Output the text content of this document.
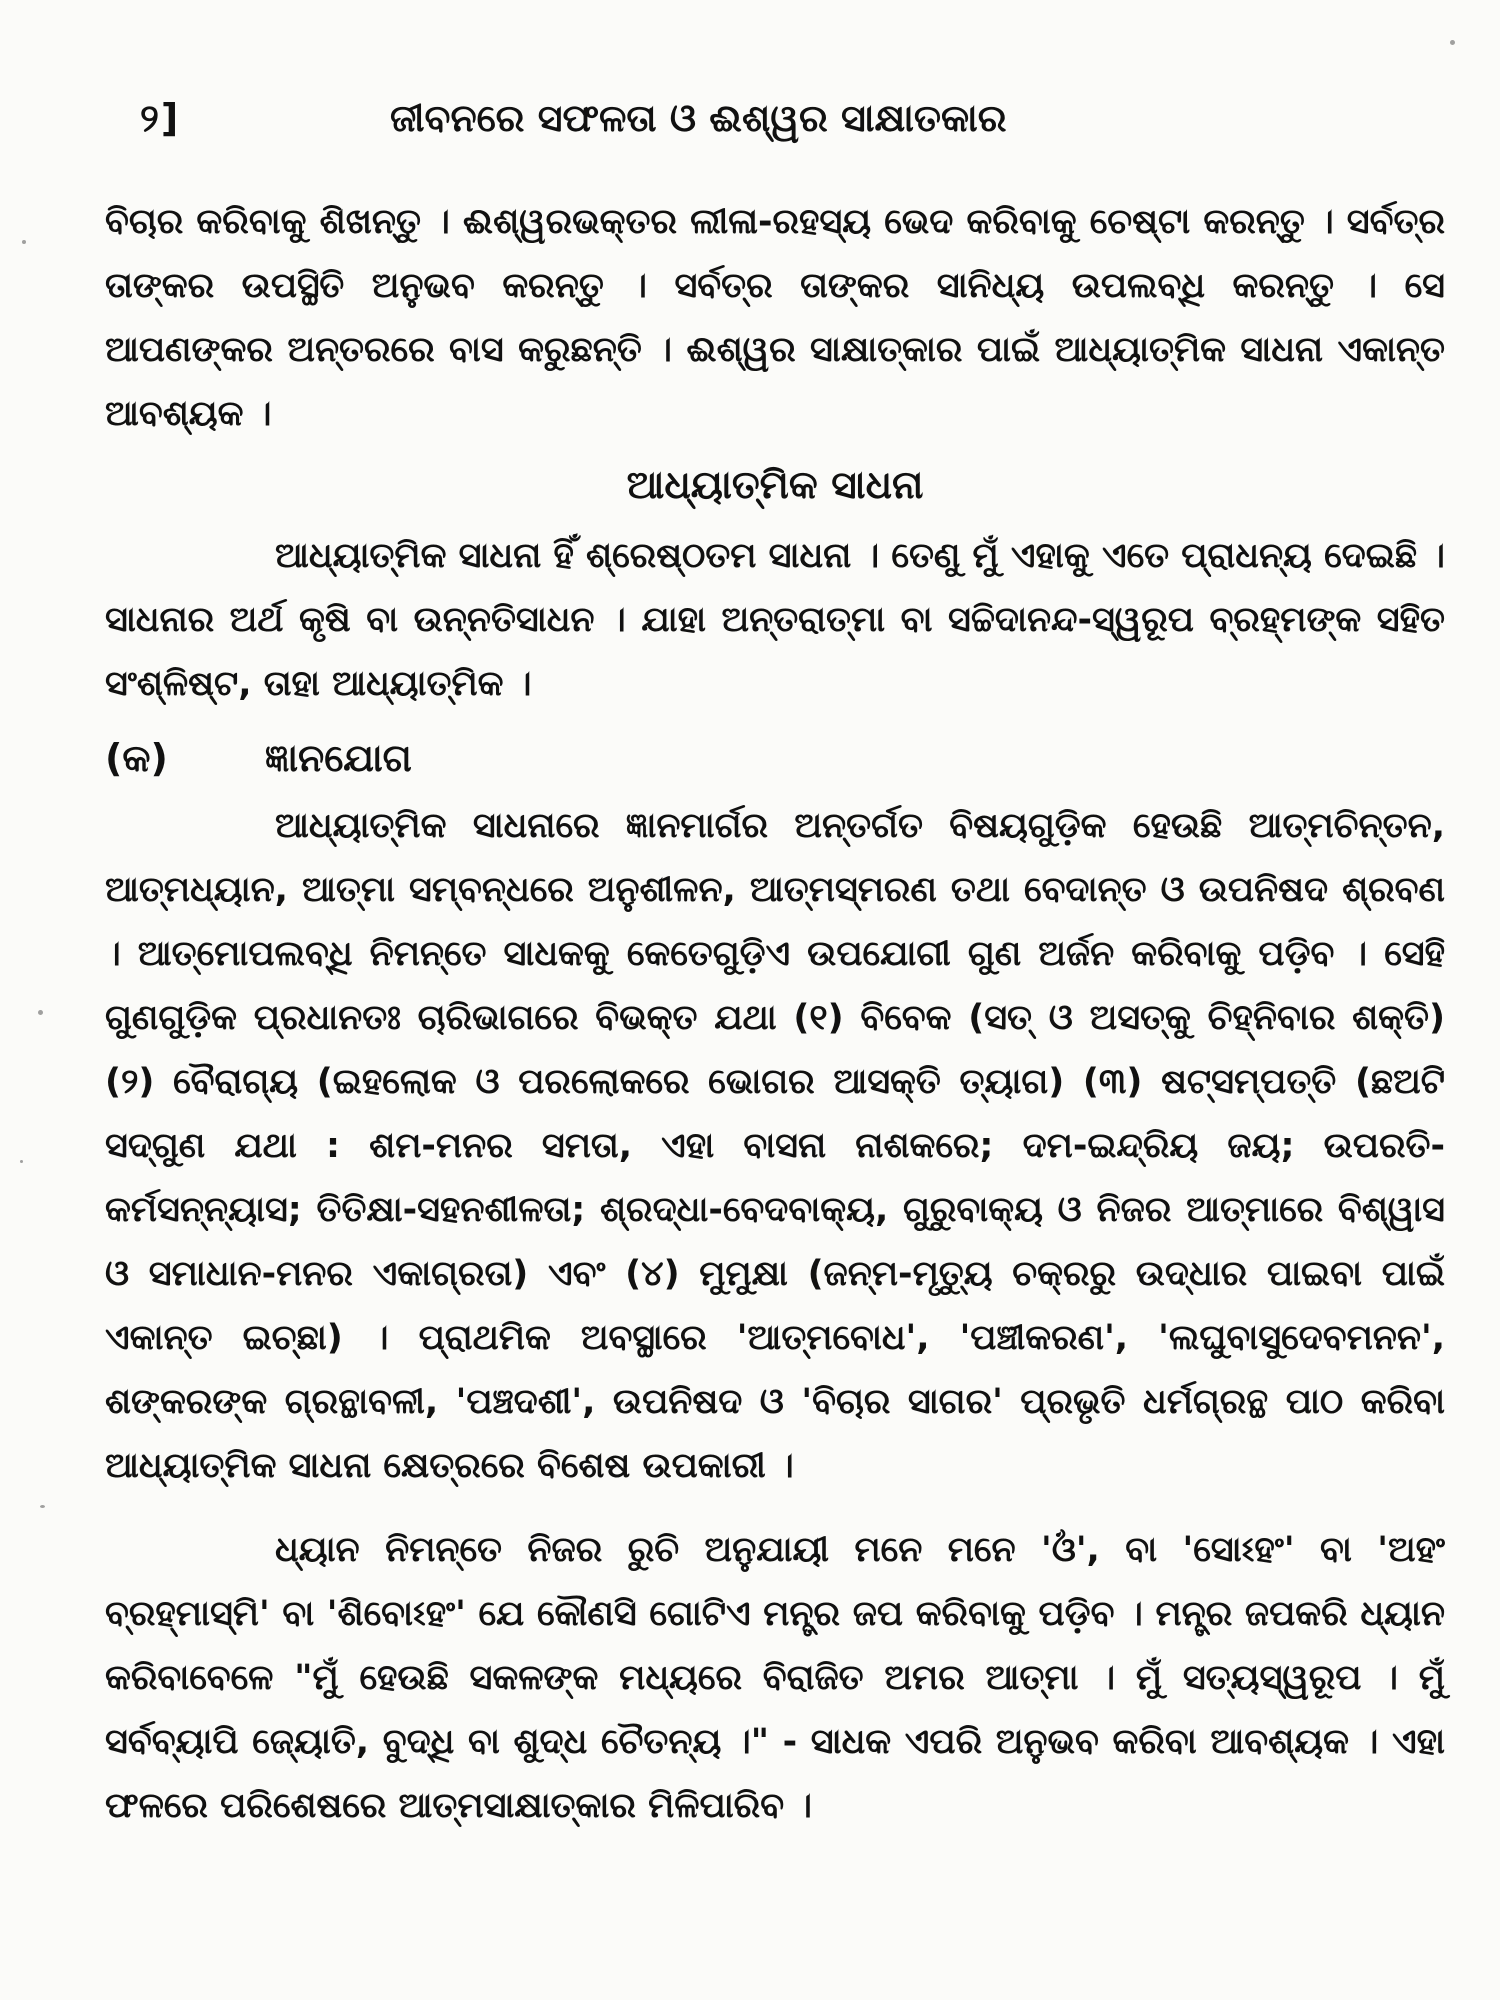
୨]	ଜୀବନରେ ସଫଳତା ଓ ଈଶ୍ୱର ସାକ୍ଷାତକାର

ବିଚାର କରିବାକୁ ଶିଖନ୍ତୁ । ଈଶ୍ୱରଭକ୍ତର ଲୀଳା-ରହସ୍ୟ ଭେଦ କରିବାକୁ ଚେଷ୍ଟା କରନ୍ତୁ । ସର୍ବତ୍ର ତାଙ୍କର ଉପସ୍ଥିତି ଅନୁଭବ କରନ୍ତୁ । ସର୍ବତ୍ର ତାଙ୍କର ସାନିଧ୍ୟ ଉପଲବ୍ଧି କରନ୍ତୁ । ସେ ଆପଣଙ୍କର ଅନ୍ତରରେ ବାସ କରୁଛନ୍ତି । ଈଶ୍ୱର ସାକ୍ଷାତ୍କାର ପାଇଁ ଆଧ୍ୟାତ୍ମିକ ସାଧନା ଏକାନ୍ତ ଆବଶ୍ୟକ ।

ଆଧ୍ୟାତ୍ମିକ ସାଧନା

ଆଧ୍ୟାତ୍ମିକ ସାଧନା ହିଁ ଶ୍ରେଷ୍ଠତମ ସାଧନା । ତେଣୁ ମୁଁ ଏହାକୁ ଏତେ ପ୍ରାଧନ୍ୟ ଦେଇଛି । ସାଧନାର ଅର୍ଥ କୃଷି ବା ଉନ୍ନତିସାଧନ । ଯାହା ଅନ୍ତରାତ୍ମା ବା ସଚ୍ଚିଦାନନ୍ଦ-ସ୍ୱରୂପ ବ୍ରହ୍ମଙ୍କ ସହିତ ସଂଶ୍ଳିଷ୍ଟ, ତାହା ଆଧ୍ୟାତ୍ମିକ ।

(କ)	ଜ୍ଞାନଯୋଗ

ଆଧ୍ୟାତ୍ମିକ ସାଧନାରେ ଜ୍ଞାନମାର୍ଗର ଅନ୍ତର୍ଗତ ବିଷୟଗୁଡ଼ିକ ହେଉଛି ଆତ୍ମଚିନ୍ତନ, ଆତ୍ମଧ୍ୟାନ, ଆତ୍ମା ସମ୍ବନ୍ଧରେ ଅନୁଶୀଳନ, ଆତ୍ମସ୍ମରଣ ତଥା ବେଦାନ୍ତ ଓ ଉପନିଷଦ ଶ୍ରବଣ । ଆତ୍ମୋପଲବ୍ଧି ନିମନ୍ତେ ସାଧକକୁ କେତେଗୁଡ଼ିଏ ଉପଯୋଗୀ ଗୁଣ ଅର୍ଜନ କରିବାକୁ ପଡ଼ିବ । ସେହି ଗୁଣଗୁଡ଼ିକ ପ୍ରଧାନତଃ ଚାରିଭାଗରେ ବିଭକ୍ତ ଯଥା (୧) ବିବେକ (ସତ୍ ଓ ଅସତ୍‌କୁ ଚିହ୍ନିବାର ଶକ୍ତି) (୨) ବୈରାଗ୍ୟ (ଇହଲୋକ ଓ ପରଲୋକରେ ଭୋଗର ଆସକ୍ତି ତ୍ୟାଗ) (୩) ଷଟ୍‌ସମ୍ପତ୍ତି (ଛଅଟି ସଦ୍‌ଗୁଣ ଯଥା : ଶମ-ମନର ସମତା, ଏହା ବାସନା ନାଶକରେ; ଦମ-ଇନ୍ଦ୍ରିୟ ଜୟ; ଉପରତି-କର୍ମସନ୍ନ୍ୟାସ; ତିତିକ୍ଷା-ସହନଶୀଳତା; ଶ୍ରଦ୍ଧା-ବେଦବାକ୍ୟ, ଗୁରୁବାକ୍ୟ ଓ ନିଜର ଆତ୍ମାରେ ବିଶ୍ୱାସ ଓ ସମାଧାନ-ମନର ଏକାଗ୍ରତା) ଏବଂ (୪) ମୁମୁକ୍ଷା (ଜନ୍ମ-ମୃତ୍ୟୁ ଚକ୍ରରୁ ଉଦ୍ଧାର ପାଇବା ପାଇଁ ଏକାନ୍ତ ଇଚ୍ଛା) । ପ୍ରାଥମିକ ଅବସ୍ଥାରେ 'ଆତ୍ମବୋଧ', 'ପଞ୍ଚୀକରଣ', 'ଲଘୁବାସୁଦେବମନନ', ଶଙ୍କରଙ୍କ ଗ୍ରନ୍ଥାବଳୀ, 'ପଞ୍ଚଦଶୀ', ଉପନିଷଦ ଓ 'ବିଚାର ସାଗର' ପ୍ରଭୃତି ଧର୍ମଗ୍ରନ୍ଥ ପାଠ କରିବା ଆଧ୍ୟାତ୍ମିକ ସାଧନା କ୍ଷେତ୍ରରେ ବିଶେଷ ଉପକାରୀ ।

ଧ୍ୟାନ ନିମନ୍ତେ ନିଜର ରୁଚି ଅନୁଯାୟୀ ମନେ ମନେ 'ଓଁ', ବା 'ସୋଽହଂ' ବା 'ଅହଂ ବ୍ରହ୍ମାସ୍ମି' ବା 'ଶିବୋଽହଂ' ଯେ କୌଣସି ଗୋଟିଏ ମନ୍ତ୍ର ଜପ କରିବାକୁ ପଡ଼ିବ । ମନ୍ତ୍ର ଜପକରି ଧ୍ୟାନ କରିବାବେଳେ "ମୁଁ ହେଉଛି ସକଳଙ୍କ ମଧ୍ୟରେ ବିରାଜିତ ଅମର ଆତ୍ମା । ମୁଁ ସତ୍ୟସ୍ୱରୂପ । ମୁଁ ସର୍ବବ୍ୟାପି ଜ୍ୟୋତି, ବୁଦ୍ଧି ବା ଶୁଦ୍ଧ ଚୈତନ୍ୟ ।" - ସାଧକ ଏପରି ଅନୁଭବ କରିବା ଆବଶ୍ୟକ । ଏହା ଫଳରେ ପରିଶେଷରେ ଆତ୍ମସାକ୍ଷାତ୍କାର ମିଳିପାରିବ ।
